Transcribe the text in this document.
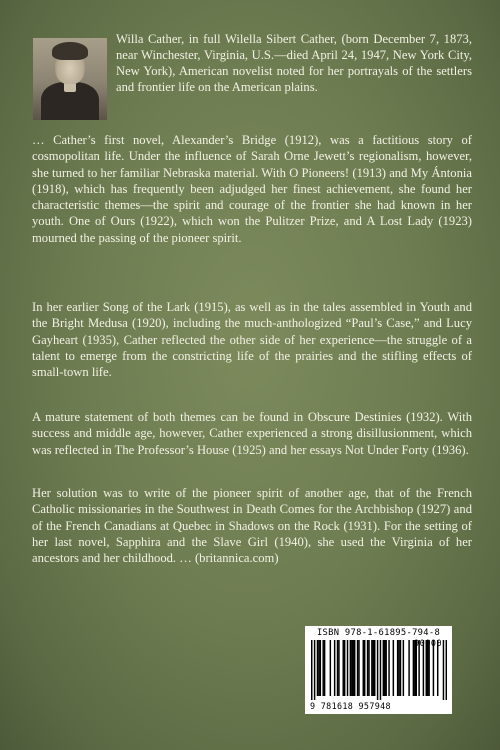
Willa Cather, in full Wilella Sibert Cather, (born December 7, 1873, near Winchester, Virginia, U.S.—died April 24, 1947, New York City, New York), American novelist noted for her portrayals of the settlers and frontier life on the American plains.
… Cather’s first novel, Alexander’s Bridge (1912), was a factitious story of cosmopolitan life. Under the influence of Sarah Orne Jewett’s regionalism, however, she turned to her familiar Nebraska material. With O Pioneers! (1913) and My Ántonia (1918), which has frequently been adjudged her finest achievement, she found her characteristic themes—the spirit and courage of the frontier she had known in her youth. One of Ours (1922), which won the Pulitzer Prize, and A Lost Lady (1923) mourned the passing of the pioneer spirit.
In her earlier Song of the Lark (1915), as well as in the tales assembled in Youth and the Bright Medusa (1920), including the much-anthologized “Paul’s Case,” and Lucy Gayheart (1935), Cather reflected the other side of her experience—the struggle of a talent to emerge from the constricting life of the prairies and the stifling effects of small-town life.
A mature statement of both themes can be found in Obscure Destinies (1932). With success and middle age, however, Cather experienced a strong disillusionment, which was reflected in The Professor’s House (1925) and her essays Not Under Forty (1936).
Her solution was to write of the pioneer spirit of another age, that of the French Catholic missionaries in the Southwest in Death Comes for the Archbishop (1927) and of the French Canadians at Quebec in Shadows on the Rock (1931). For the setting of her last novel, Sapphira and the Slave Girl (1940), she used the Virginia of her ancestors and her childhood. … (britannica.com)
ISBN 978-1-61895-794-8
90000
9 781618 957948
